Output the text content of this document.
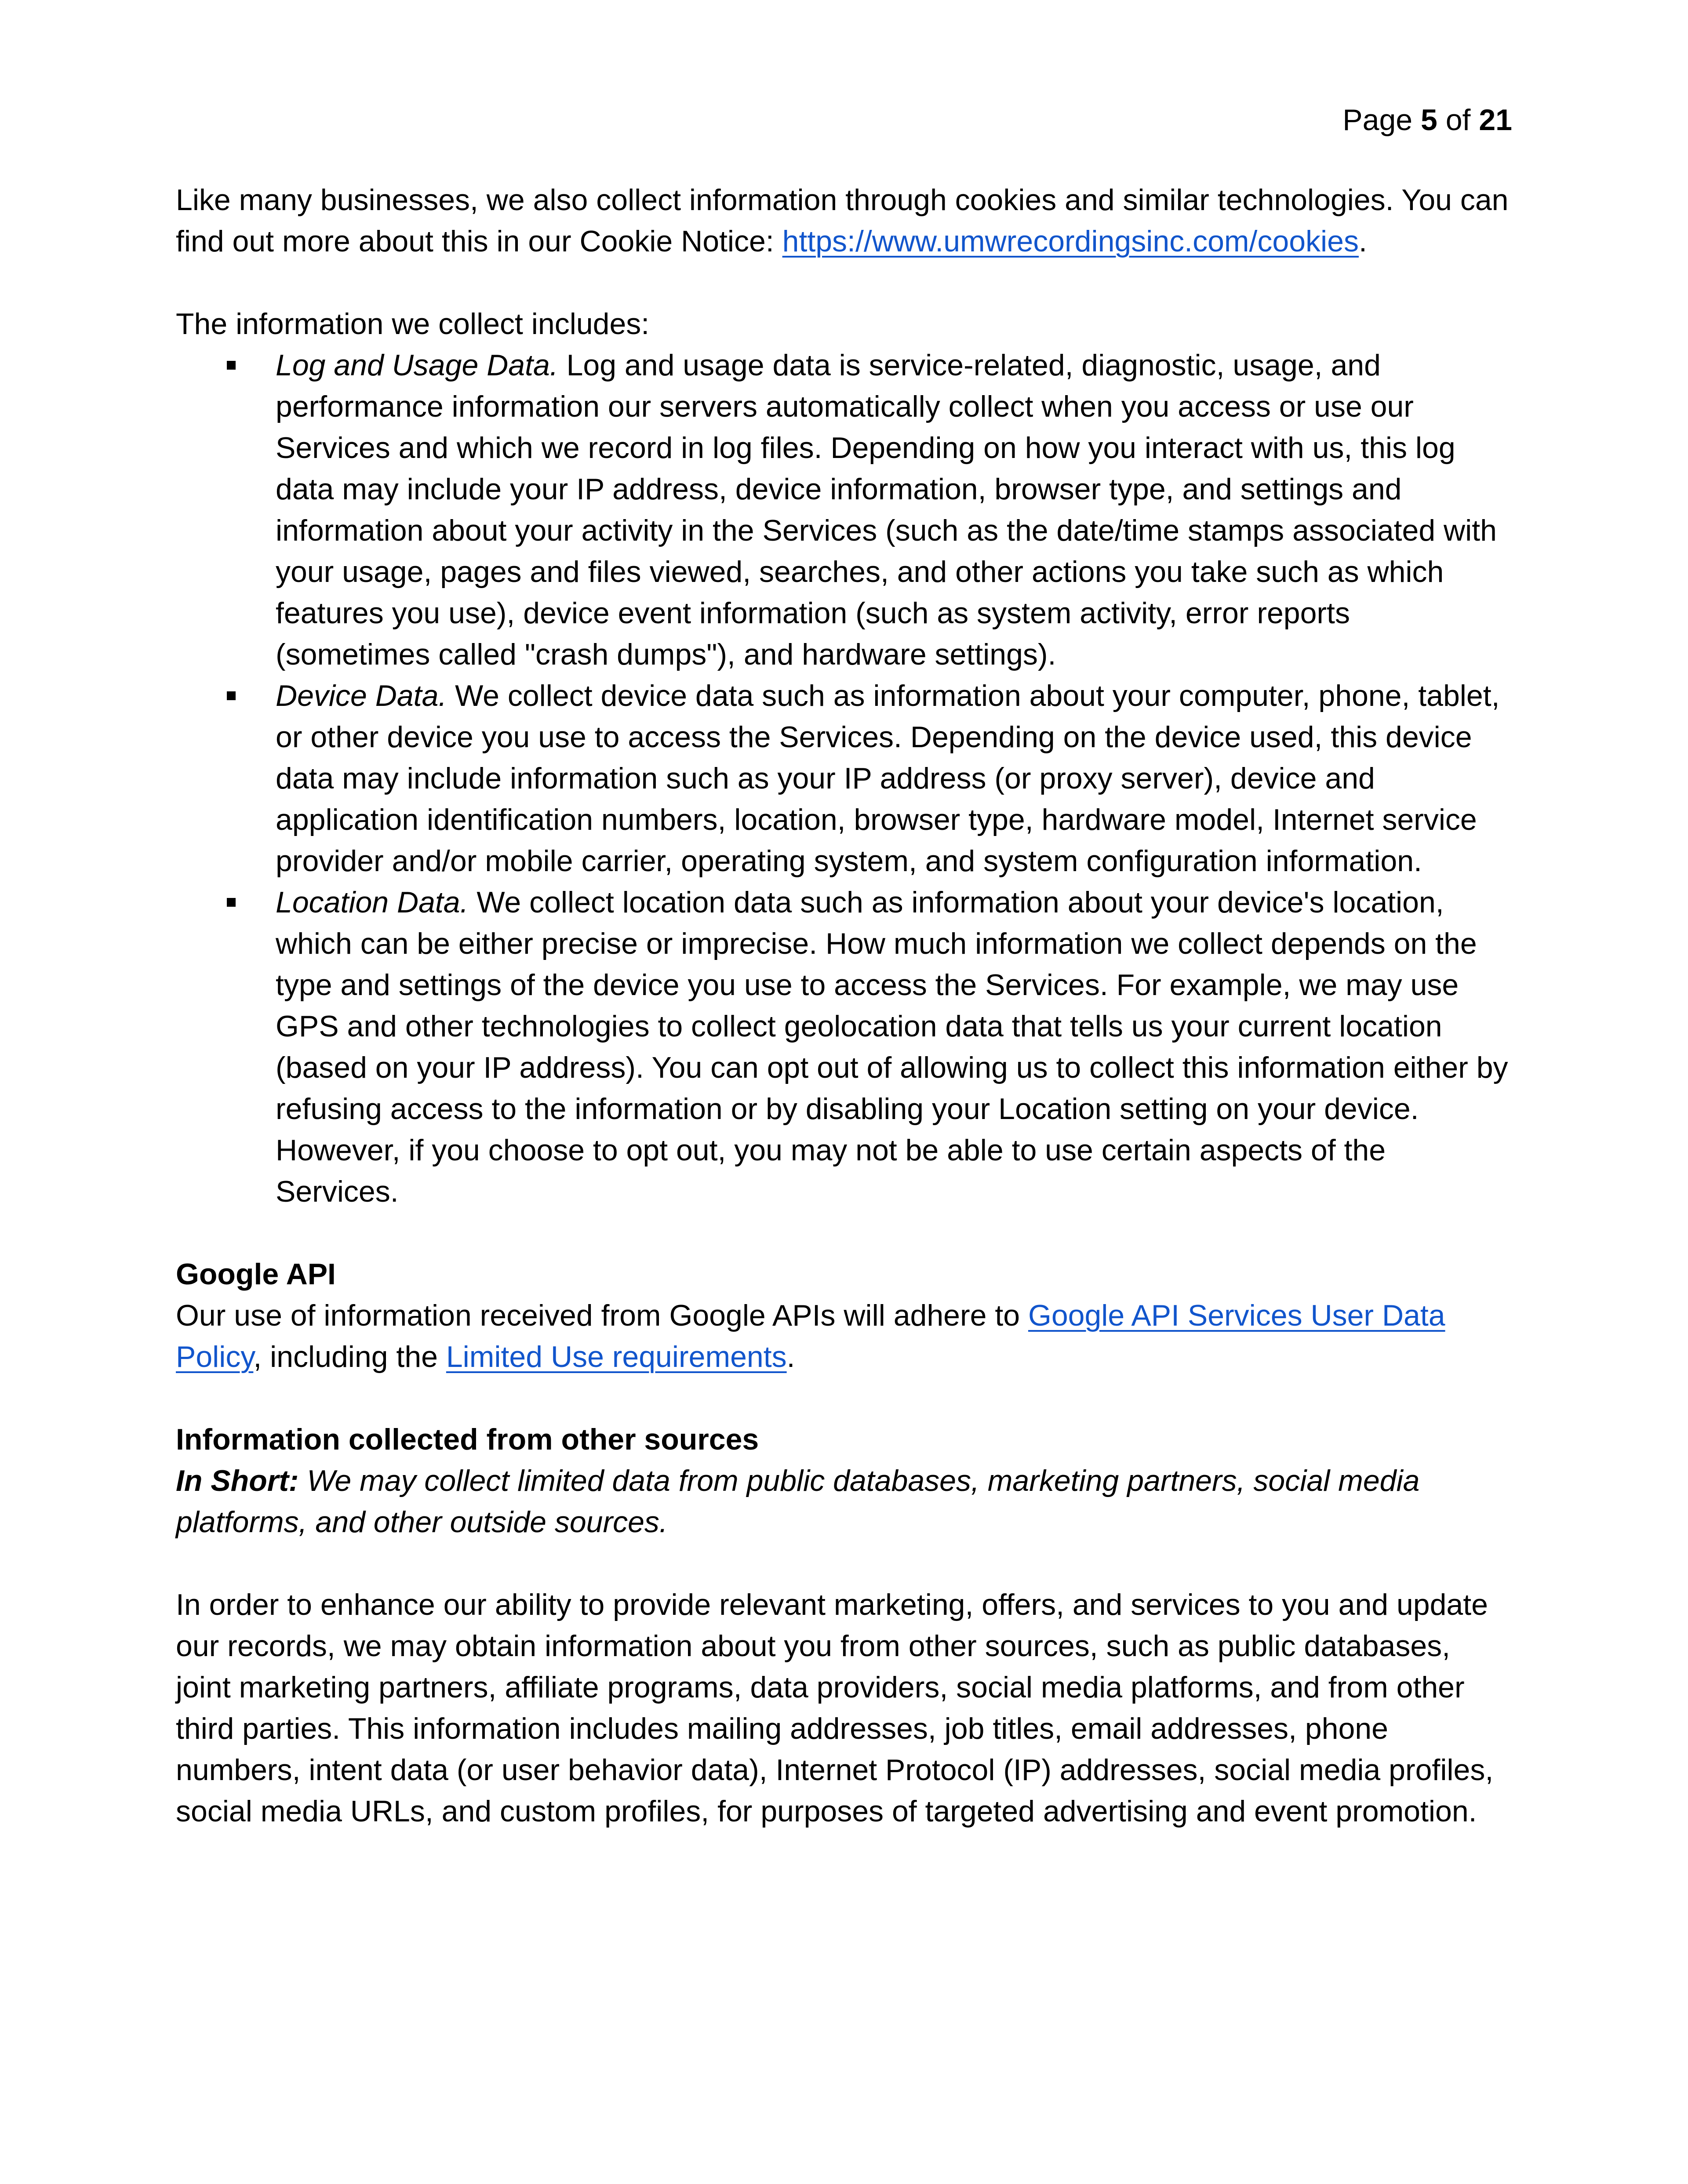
Page 5 of 21

Like many businesses, we also collect information through cookies and similar technologies. You can find out more about this in our Cookie Notice: https://www.umwrecordingsinc.com/cookies.

The information we collect includes:

Log and Usage Data. Log and usage data is service-related, diagnostic, usage, and performance information our servers automatically collect when you access or use our Services and which we record in log files. Depending on how you interact with us, this log data may include your IP address, device information, browser type, and settings and information about your activity in the Services (such as the date/time stamps associated with your usage, pages and files viewed, searches, and other actions you take such as which features you use), device event information (such as system activity, error reports (sometimes called "crash dumps"), and hardware settings).
Device Data. We collect device data such as information about your computer, phone, tablet, or other device you use to access the Services. Depending on the device used, this device data may include information such as your IP address (or proxy server), device and application identification numbers, location, browser type, hardware model, Internet service provider and/or mobile carrier, operating system, and system configuration information.
Location Data. We collect location data such as information about your device's location, which can be either precise or imprecise. How much information we collect depends on the type and settings of the device you use to access the Services. For example, we may use GPS and other technologies to collect geolocation data that tells us your current location (based on your IP address). You can opt out of allowing us to collect this information either by refusing access to the information or by disabling your Location setting on your device. However, if you choose to opt out, you may not be able to use certain aspects of the Services.

Google API

Our use of information received from Google APIs will adhere to Google API Services User Data Policy, including the Limited Use requirements.

Information collected from other sources

In Short: We may collect limited data from public databases, marketing partners, social media platforms, and other outside sources.

In order to enhance our ability to provide relevant marketing, offers, and services to you and update our records, we may obtain information about you from other sources, such as public databases, joint marketing partners, affiliate programs, data providers, social media platforms, and from other third parties. This information includes mailing addresses, job titles, email addresses, phone numbers, intent data (or user behavior data), Internet Protocol (IP) addresses, social media profiles, social media URLs, and custom profiles, for purposes of targeted advertising and event promotion.
